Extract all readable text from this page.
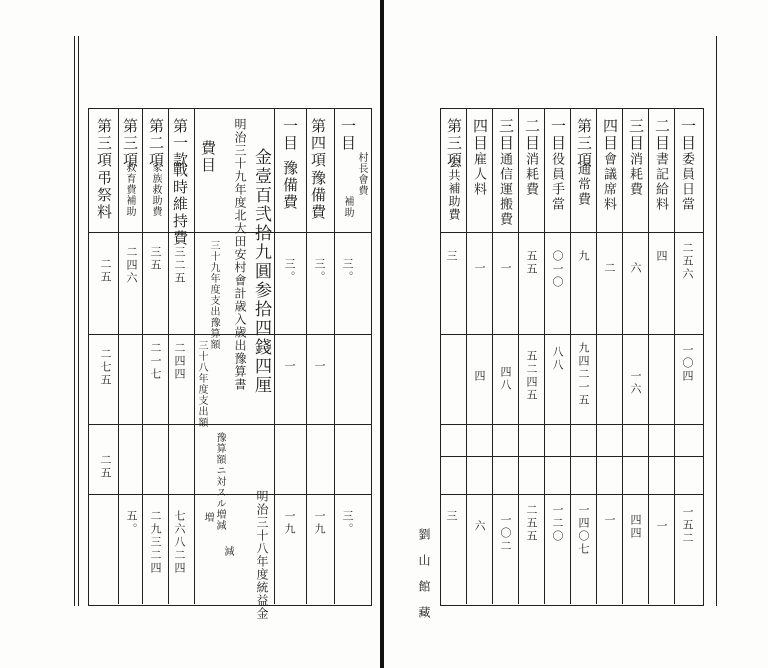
一目
村長會費
補助
第四項
豫備費
一目
豫備費
金壹百弐拾九圓参拾四錢四厘
明治三十九年度北大田安村會計歳入歳出豫算書
明治三十八年度統益金
費目
三十九年度支出豫算額
三十八年度支出額
豫算額ニ対スル増減
増
減
第一款
戰時維持費
第二項
家族救助費
第三項
救育費補助
第三項
弔祭料
三。
三。
三。
一
一九
三。
一
一九
三二五
二四四
七六八二四
三五
二一七
二九三二四
二四六
五。
二五
二七五
二五
一目
委員日當
二五六
一〇四
一五二
二目
書記給料
四
一
三目
消耗費
六
一六
四四
四目
會議席料
二
一
第三項
通常費
九
九四二一五
一四〇七
一目
役員手當
〇一〇
八八
一二〇
二目
消耗費
五五
五二四五
二五五
三目
通信運搬費
一
四八
一〇二
四目
雇人料
一
四
六
第三項
公共補助費
三
三
劉 山 館 藏
